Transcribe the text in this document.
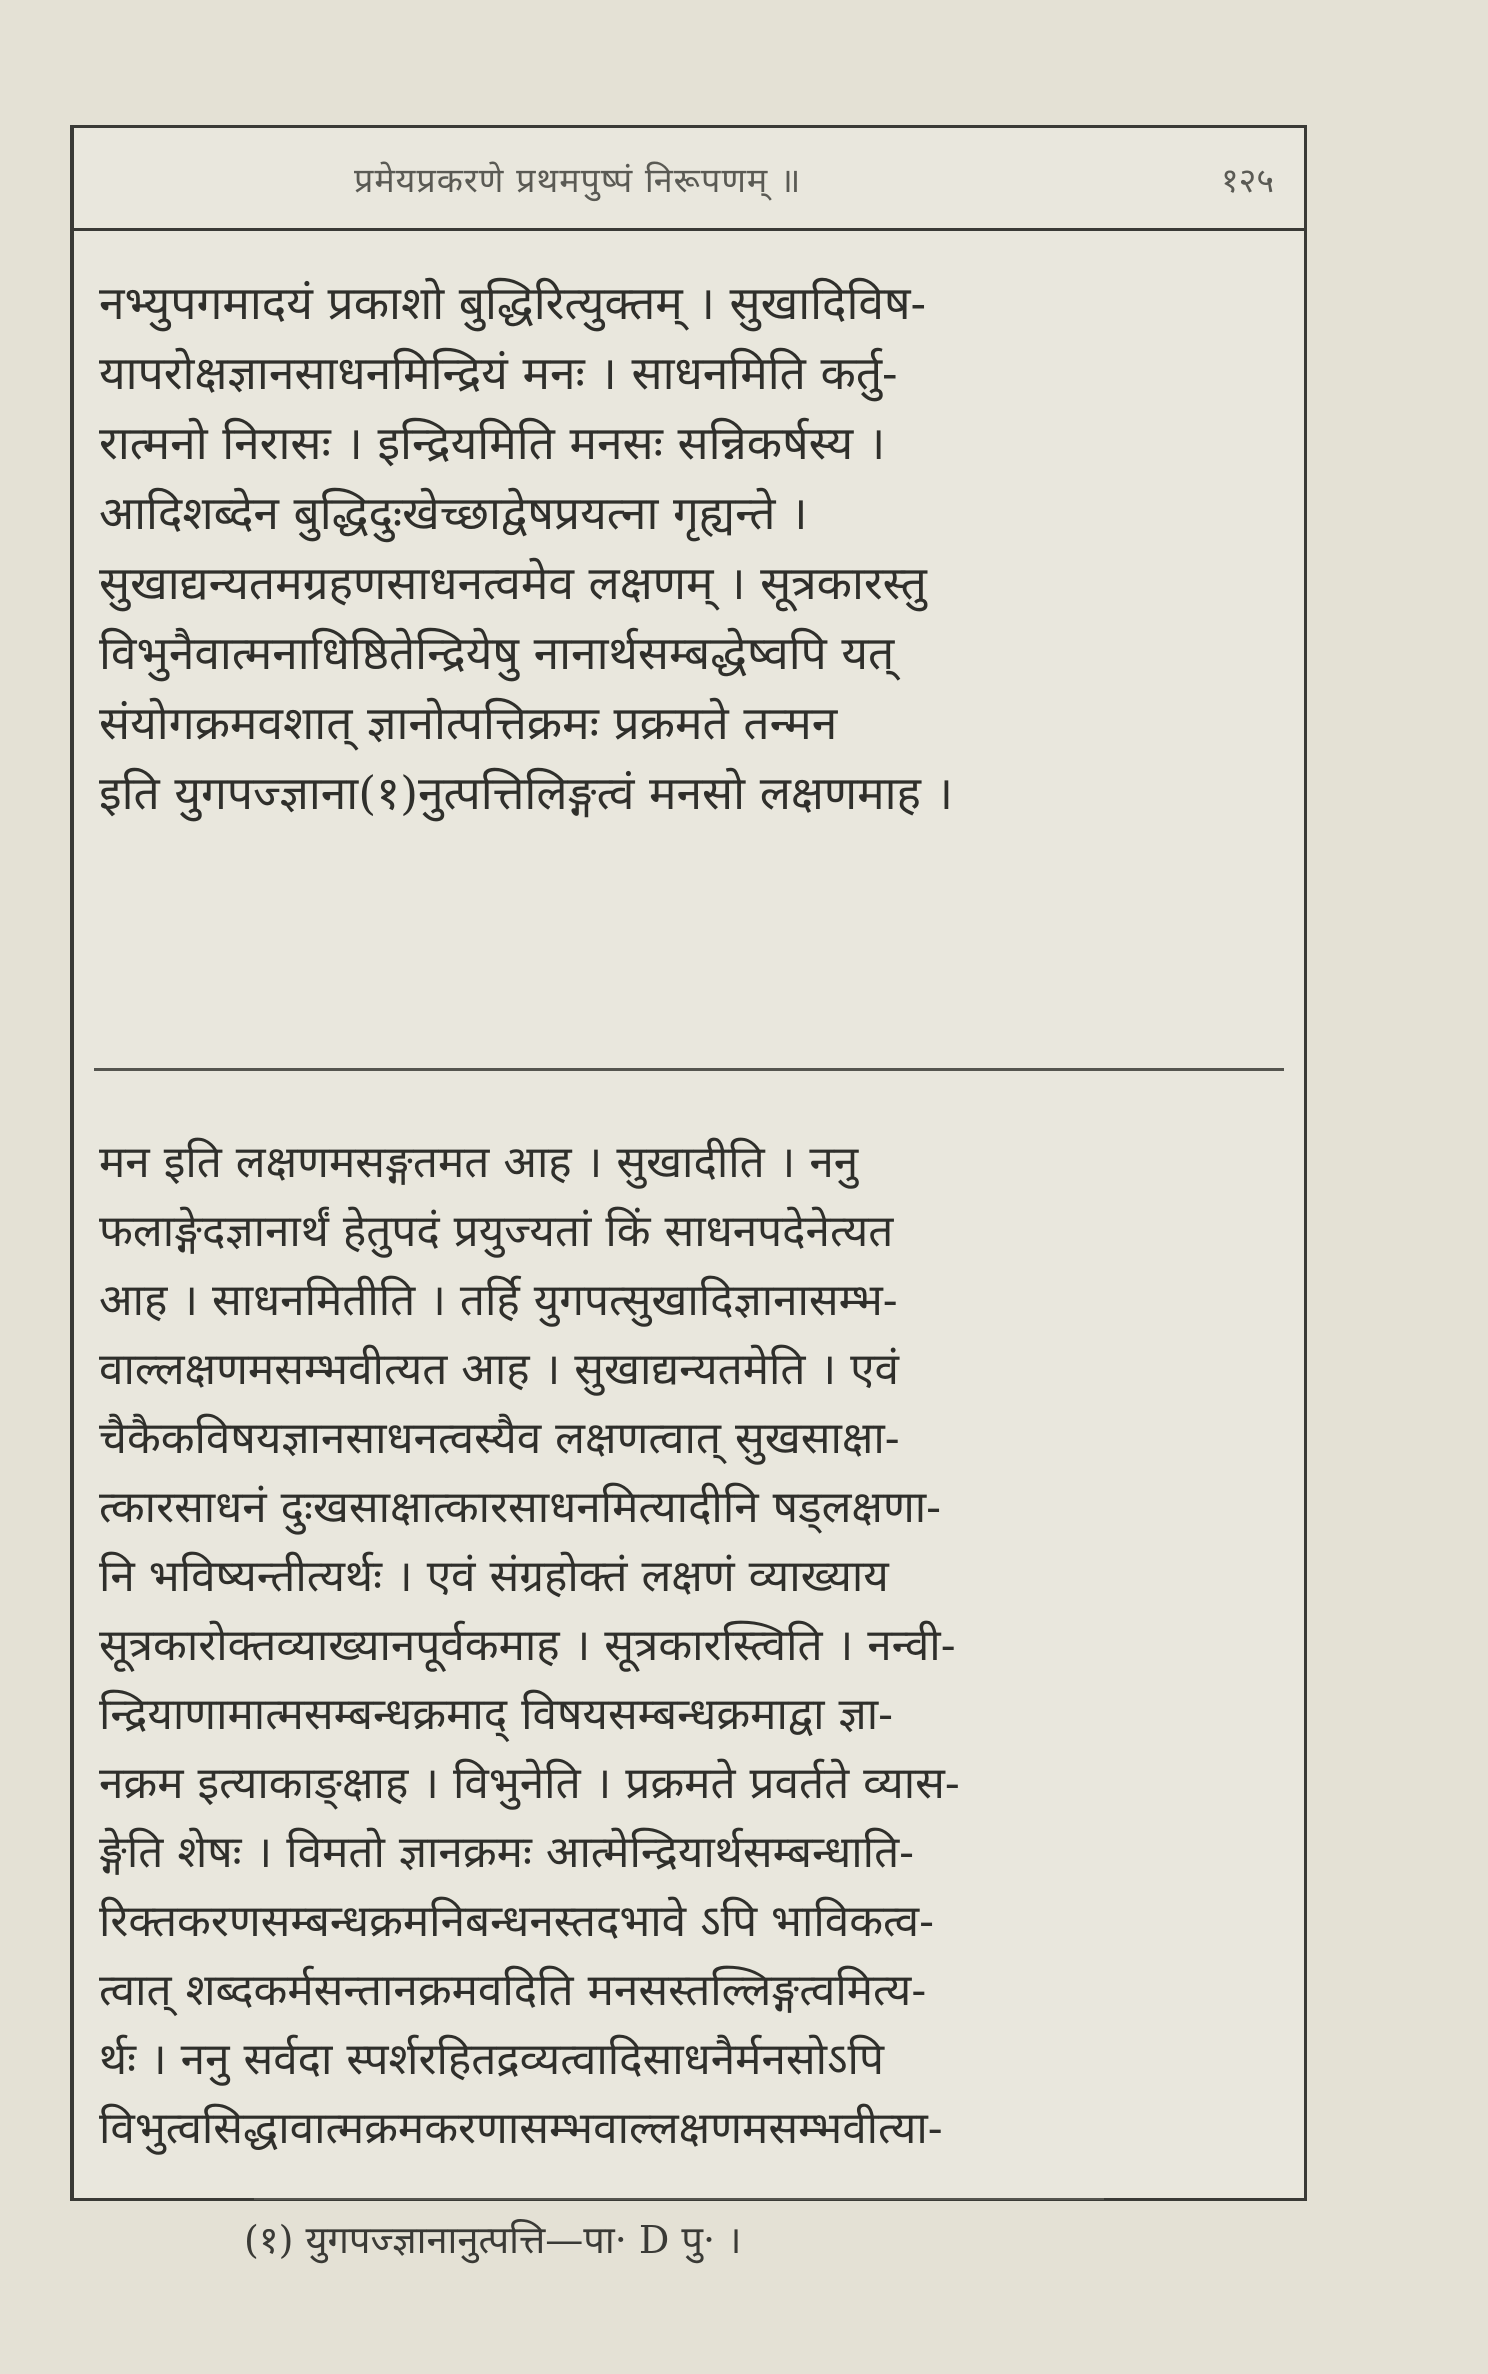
प्रमेयप्रकरणे प्रथमपुष्पं निरूपणम् ॥	१२५
नभ्युपगमादयं प्रकाशो बुद्धिरित्युक्तम् । सुखादिविष-
यापरोक्षज्ञानसाधनमिन्द्रियं मनः । साधनमिति कर्तु-
रात्मनो निरासः । इन्द्रियमिति मनसः सन्निकर्षस्य ।
आदिशब्देन बुद्धिदुःखेच्छाद्वेषप्रयत्ना गृह्यन्ते ।
सुखाद्यन्यतमग्रहणसाधनत्वमेव लक्षणम् । सूत्रकारस्तु
विभुनैवात्मनाधिष्ठितेन्द्रियेषु नानार्थसम्बद्धेष्वपि यत्
संयोगक्रमवशात् ज्ञानोत्पत्तिक्रमः प्रक्रमते तन्मन
इति युगपज्ज्ञाना(१)नुत्पत्तिलिङ्गत्वं मनसो लक्षणमाह ।
मन इति लक्षणमसङ्गतमत आह । सुखादीति । ननु
फलाङ्गेदज्ञानार्थं हेतुपदं प्रयुज्यतां किं साधनपदेनेत्यत
आह । साधनमितीति । तर्हि युगपत्सुखादिज्ञानासम्भ-
वाल्लक्षणमसम्भवीत्यत आह । सुखाद्यन्यतमेति । एवं
चैकैकविषयज्ञानसाधनत्वस्यैव लक्षणत्वात् सुखसाक्षा-
त्कारसाधनं दुःखसाक्षात्कारसाधनमित्यादीनि षड्लक्षणा-
नि भविष्यन्तीत्यर्थः । एवं संग्रहोक्तं लक्षणं व्याख्याय
सूत्रकारोक्तव्याख्यानपूर्वकमाह । सूत्रकारस्त्विति । नन्वी-
न्द्रियाणामात्मसम्बन्धक्रमाद् विषयसम्बन्धक्रमाद्वा ज्ञा-
नक्रम इत्याकाङ्क्षाह । विभुनेति । प्रक्रमते प्रवर्तते व्यास-
ङ्गेति शेषः । विमतो ज्ञानक्रमः आत्मेन्द्रियार्थसम्बन्धाति-
रिक्तकरणसम्बन्धक्रमनिबन्धनस्तदभावे ऽपि भाविकत्व-
त्वात् शब्दकर्मसन्तानक्रमवदिति मनसस्तल्लिङ्गत्वमित्य-
र्थः । ननु सर्वदा स्पर्शरहितद्रव्यत्वादिसाधनैर्मनसोऽपि
विभुत्वसिद्धावात्मक्रमकरणासम्भवाल्लक्षणमसम्भवीत्या-
(१) युगपज्ज्ञानानुत्पत्ति—पा· D पु· ।
